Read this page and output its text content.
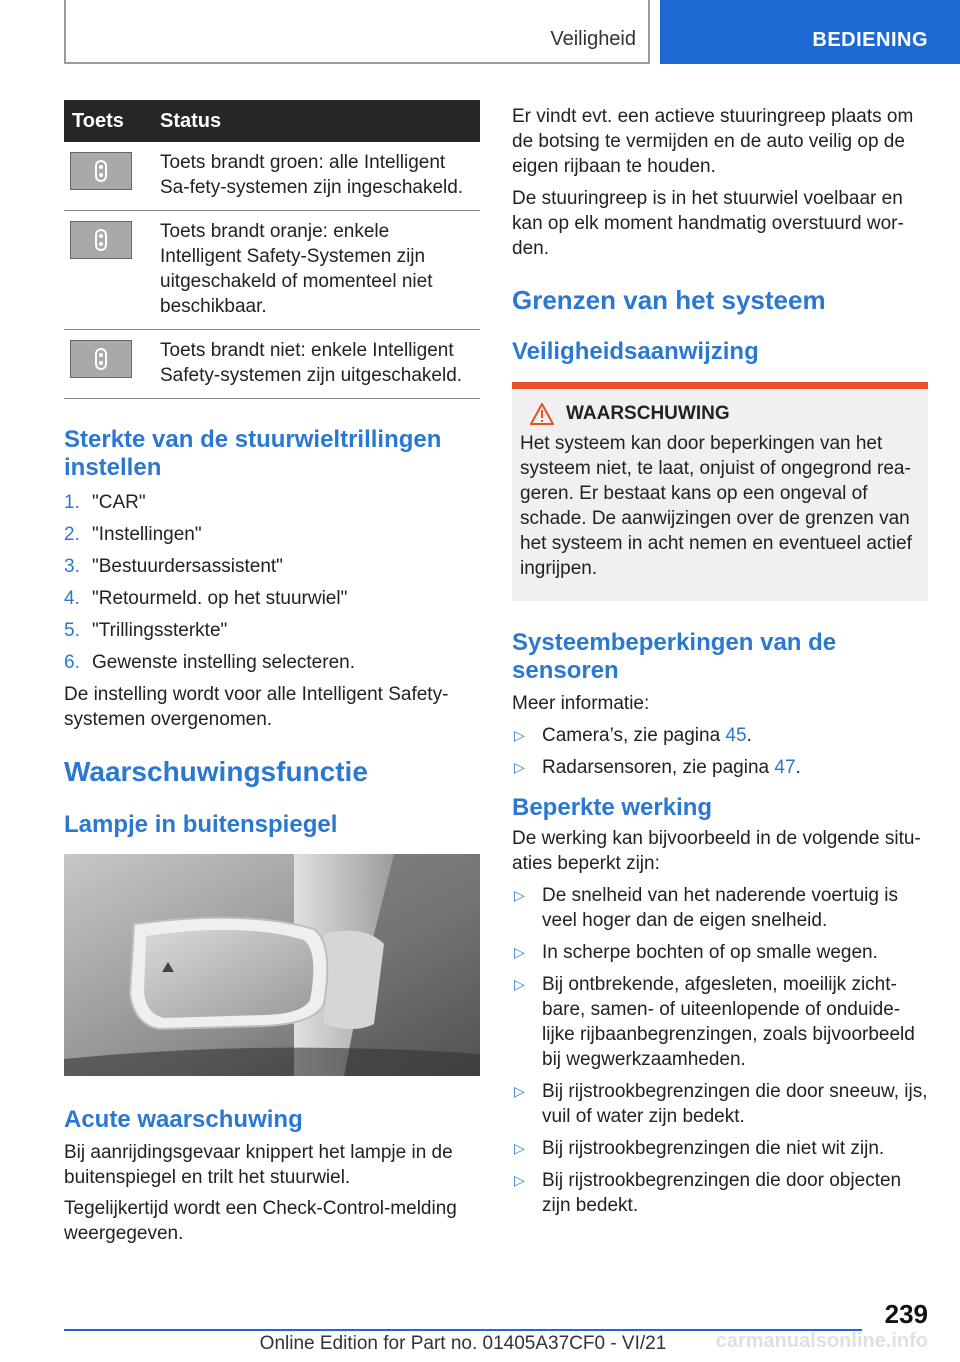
Veiligheid	BEDIENING
Toets	Status

	Toets brandt groen: alle Intelligent Sa-fety-systemen zijn ingeschakeld.

	Toets brandt oranje: enkele Intelligent Safety-Systemen zijn uitgeschakeld of momenteel niet beschikbaar.

	Toets brandt niet: enkele Intelligent Safety-systemen zijn uitgeschakeld.
Sterkte van de stuurwieltrillingen instellen
1. "CAR"
2. "Instellingen"
3. "Bestuurdersassistent"
4. "Retourmeld. op het stuurwiel"
5. "Trillingssterkte"
6. Gewenste instelling selecteren.

De instelling wordt voor alle Intelligent Safety-systemen overgenomen.

Waarschuwingsfunctie
Lampje in buitenspiegel
Acute waarschuwing

Bij aanrijdingsgevaar knippert het lampje in de buitenspiegel en trilt het stuurwiel.

Tegelijkertijd wordt een Check-Control-melding weergegeven.

Er vindt evt. een actieve stuuringreep plaats om de botsing te vermijden en de auto veilig op de eigen rijbaan te houden.

De stuuringreep is in het stuurwiel voelbaar en kan op elk moment handmatig overstuurd wor-den.

Grenzen van het systeem
Veiligheidsaanwijzing
WAARSCHUWING

Het systeem kan door beperkingen van het systeem niet, te laat, onjuist of ongegrond rea-geren. Er bestaat kans op een ongeval of schade. De aanwijzingen over de grenzen van het systeem in acht nemen en eventueel actief ingrijpen.

Systeembeperkingen van de sensoren

Meer informatie:

▷ Camera’s, zie pagina 45.
▷ Radarsensoren, zie pagina 47.
Beperkte werking

De werking kan bijvoorbeeld in de volgende situ-aties beperkt zijn:

▷ De snelheid van het naderende voertuig is veel hoger dan de eigen snelheid.
▷ In scherpe bochten of op smalle wegen.
▷ Bij ontbrekende, afgesleten, moeilijk zicht-bare, samen- of uiteenlopende of onduide-lijke rijbaanbegrenzingen, zoals bijvoorbeeld bij wegwerkzaamheden.
▷ Bij rijstrookbegrenzingen die door sneeuw, ijs, vuil of water zijn bedekt.
▷ Bij rijstrookbegrenzingen die niet wit zijn.
▷ Bij rijstrookbegrenzingen die door objecten zijn bedekt.
239
carmanualsonline.info
Online Edition for Part no. 01405A37CF0 - VI/21
